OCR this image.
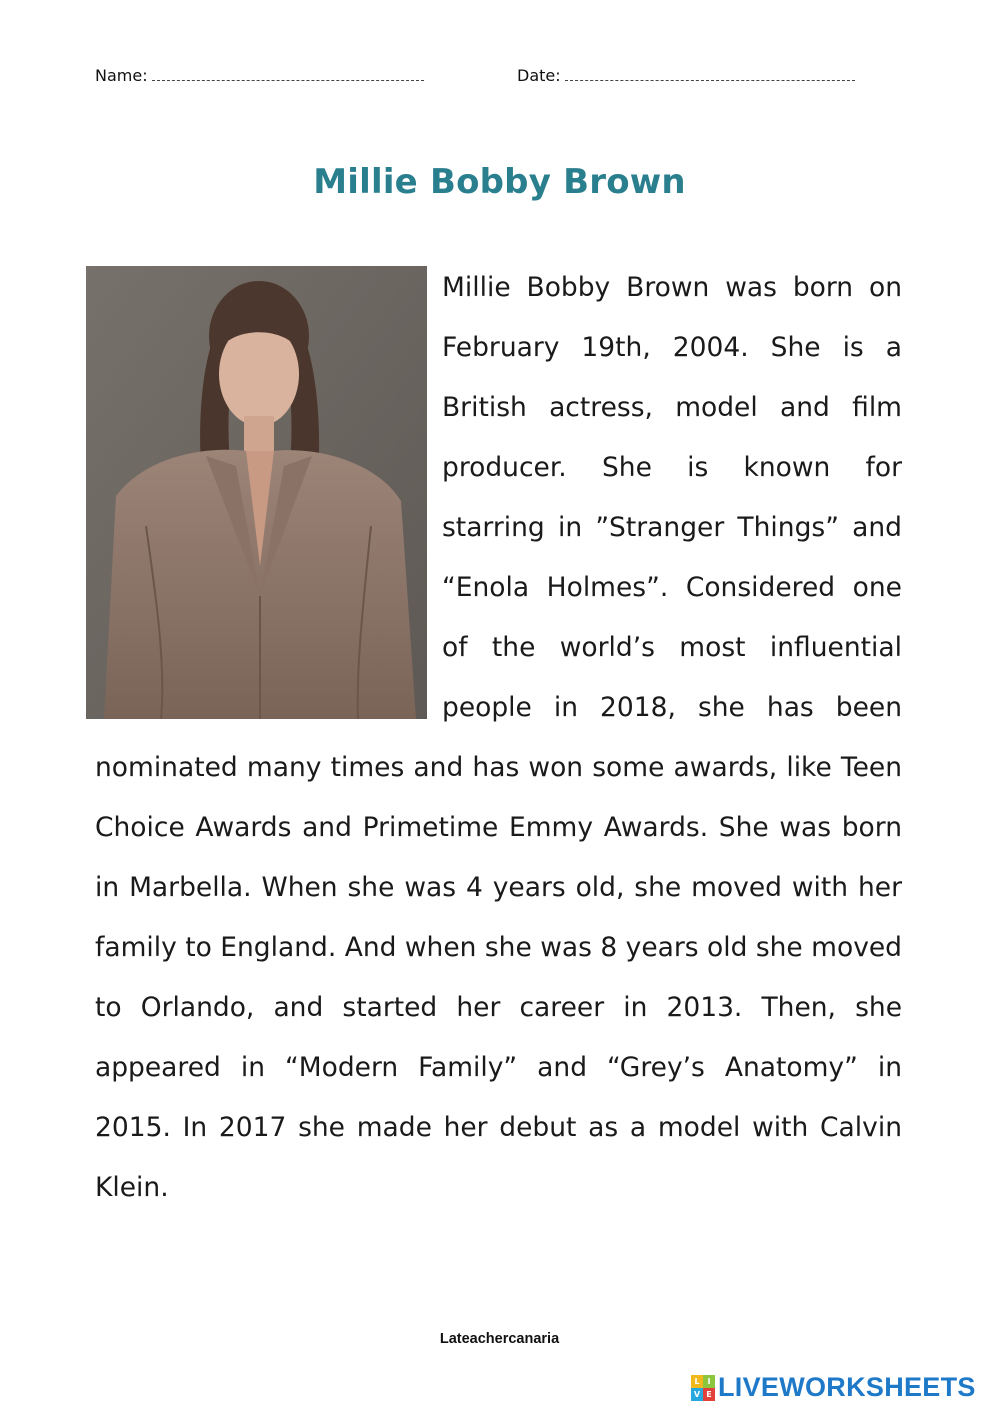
Name:	Date:
Millie Bobby Brown
Millie Bobby Brown was born on February 19th, 2004. She is a British actress, model and film producer. She is known for starring in ”Stranger Things” and “Enola Holmes”. Considered one of the world’s most influential people in 2018, she has been nominated many times and has won some awards, like Teen Choice Awards and Primetime Emmy Awards. She was born in Marbella. When she was 4 years old, she moved with her family to England. And when she was 8 years old she moved to Orlando, and started her career in 2013. Then, she appeared in “Modern Family” and “Grey’s Anatomy” in 2015. In 2017 she made her debut as a model with Calvin Klein.
Lateachercanaria
L I
V E LIVEWORKSHEETS
